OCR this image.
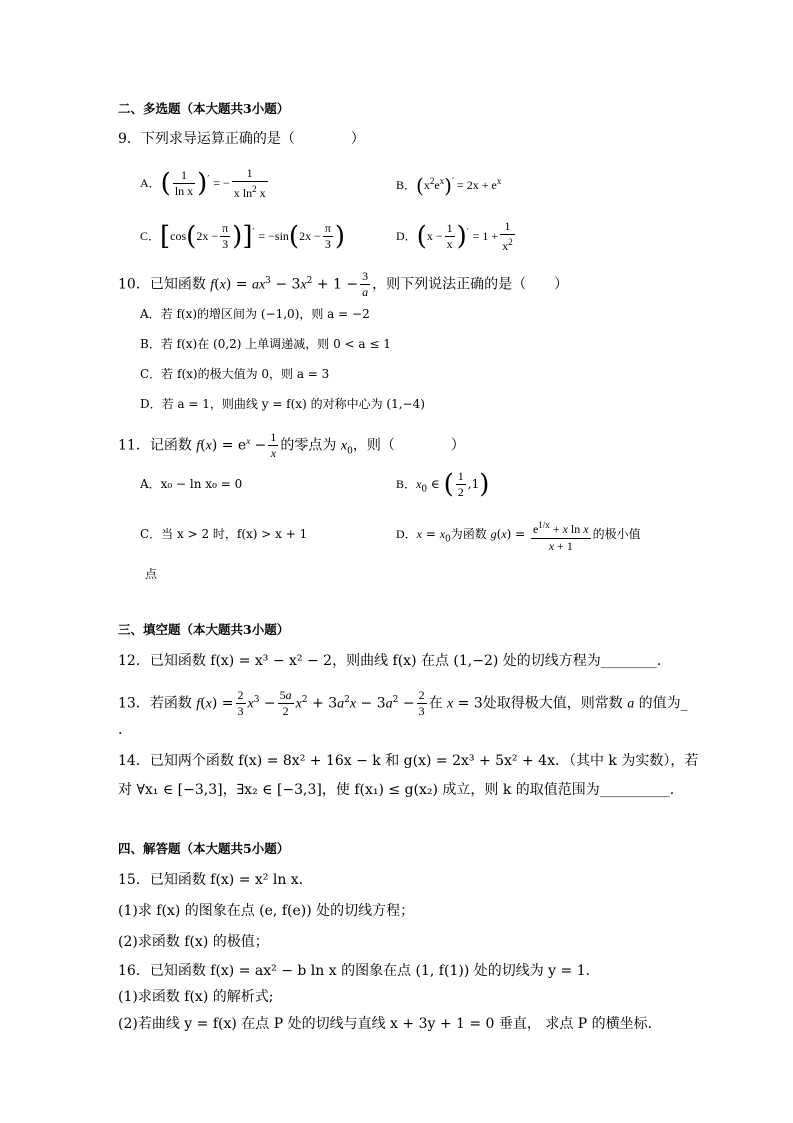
二、多选题（本大题共3小题）
9．下列求导运算正确的是（　　　　）
A．( $\frac{1}{\text{ln x}} )'$ = − $\frac{1}{x \ln^2 x}$	B．$(x^2e^x)' = 2x + e^x$
C．$[\cos(2x - \frac{\pi}{3} )]' = -\sin(2x - \frac{\pi}{3}$ )	D．$(x - \frac{1}{x} )' = 1 + \frac{1}{x^2}$
10．已知函数 $f(x) = ax^3 - 3x^2 + 1 - \frac{3}{a}$ ，则下列说法正确的是（　　）
A．若 f(x)的增区间为 (−1,0)，则 a = −2
B．若 f(x)在 (0,2) 上单调递减，则 0 < a ≤ 1
C．若 f(x)的极大值为 0，则 a = 3
D．若 a = 1，则曲线 y = f(x) 的对称中心为 (1,−4)
11．记函数 $f(x) = e^x - \frac{1}{x}$ 的零点为 $x_0$，则（　　　　）
A．x₀ − ln x₀ = 0	B．$x_0$ ∈ ( $\frac{1}{2} ,1$)
C．当 x > 2 时，f(x) > x + 1	D．$x = x_0$为函数 $g(x) = \frac{e^{1/x} + x \ln x}{x + 1}$ 的极小值
点
三、填空题（本大题共3小题）
12．已知函数 f(x) = x³ − x² − 2，则曲线 f(x) 在点 (1,−2) 处的切线方程为________.
13．若函数 $f(x) = \frac{2}{3} x^3 - \frac{5a}{2} x^2 + 3a^2x - 3a^2 - \frac{2}{3}$ 在 x = 3处取得极大值，则常数 a 的值为_
.
14．已知两个函数 f(x) = 8x² + 16x − k 和 g(x) = 2x³ + 5x² + 4x．（其中 k 为实数），若
对 ∀x₁ ∈ [−3,3]，∃x₂ ∈ [−3,3]，使 f(x₁) ≤ g(x₂) 成立，则 k 的取值范围为__________.
四、解答题（本大题共5小题）
15．已知函数 f(x) = x² ln x．
(1)求 f(x) 的图象在点 (e, f(e)) 处的切线方程；
(2)求函数 f(x) 的极值；
16．已知函数 f(x) = ax² − b ln x 的图象在点 (1, f(1)) 处的切线为 y = 1．
(1)求函数 f(x) 的解析式;
(2)若曲线 y = f(x) 在点 P 处的切线与直线 x + 3y + 1 = 0 垂直， 求点 P 的横坐标．
